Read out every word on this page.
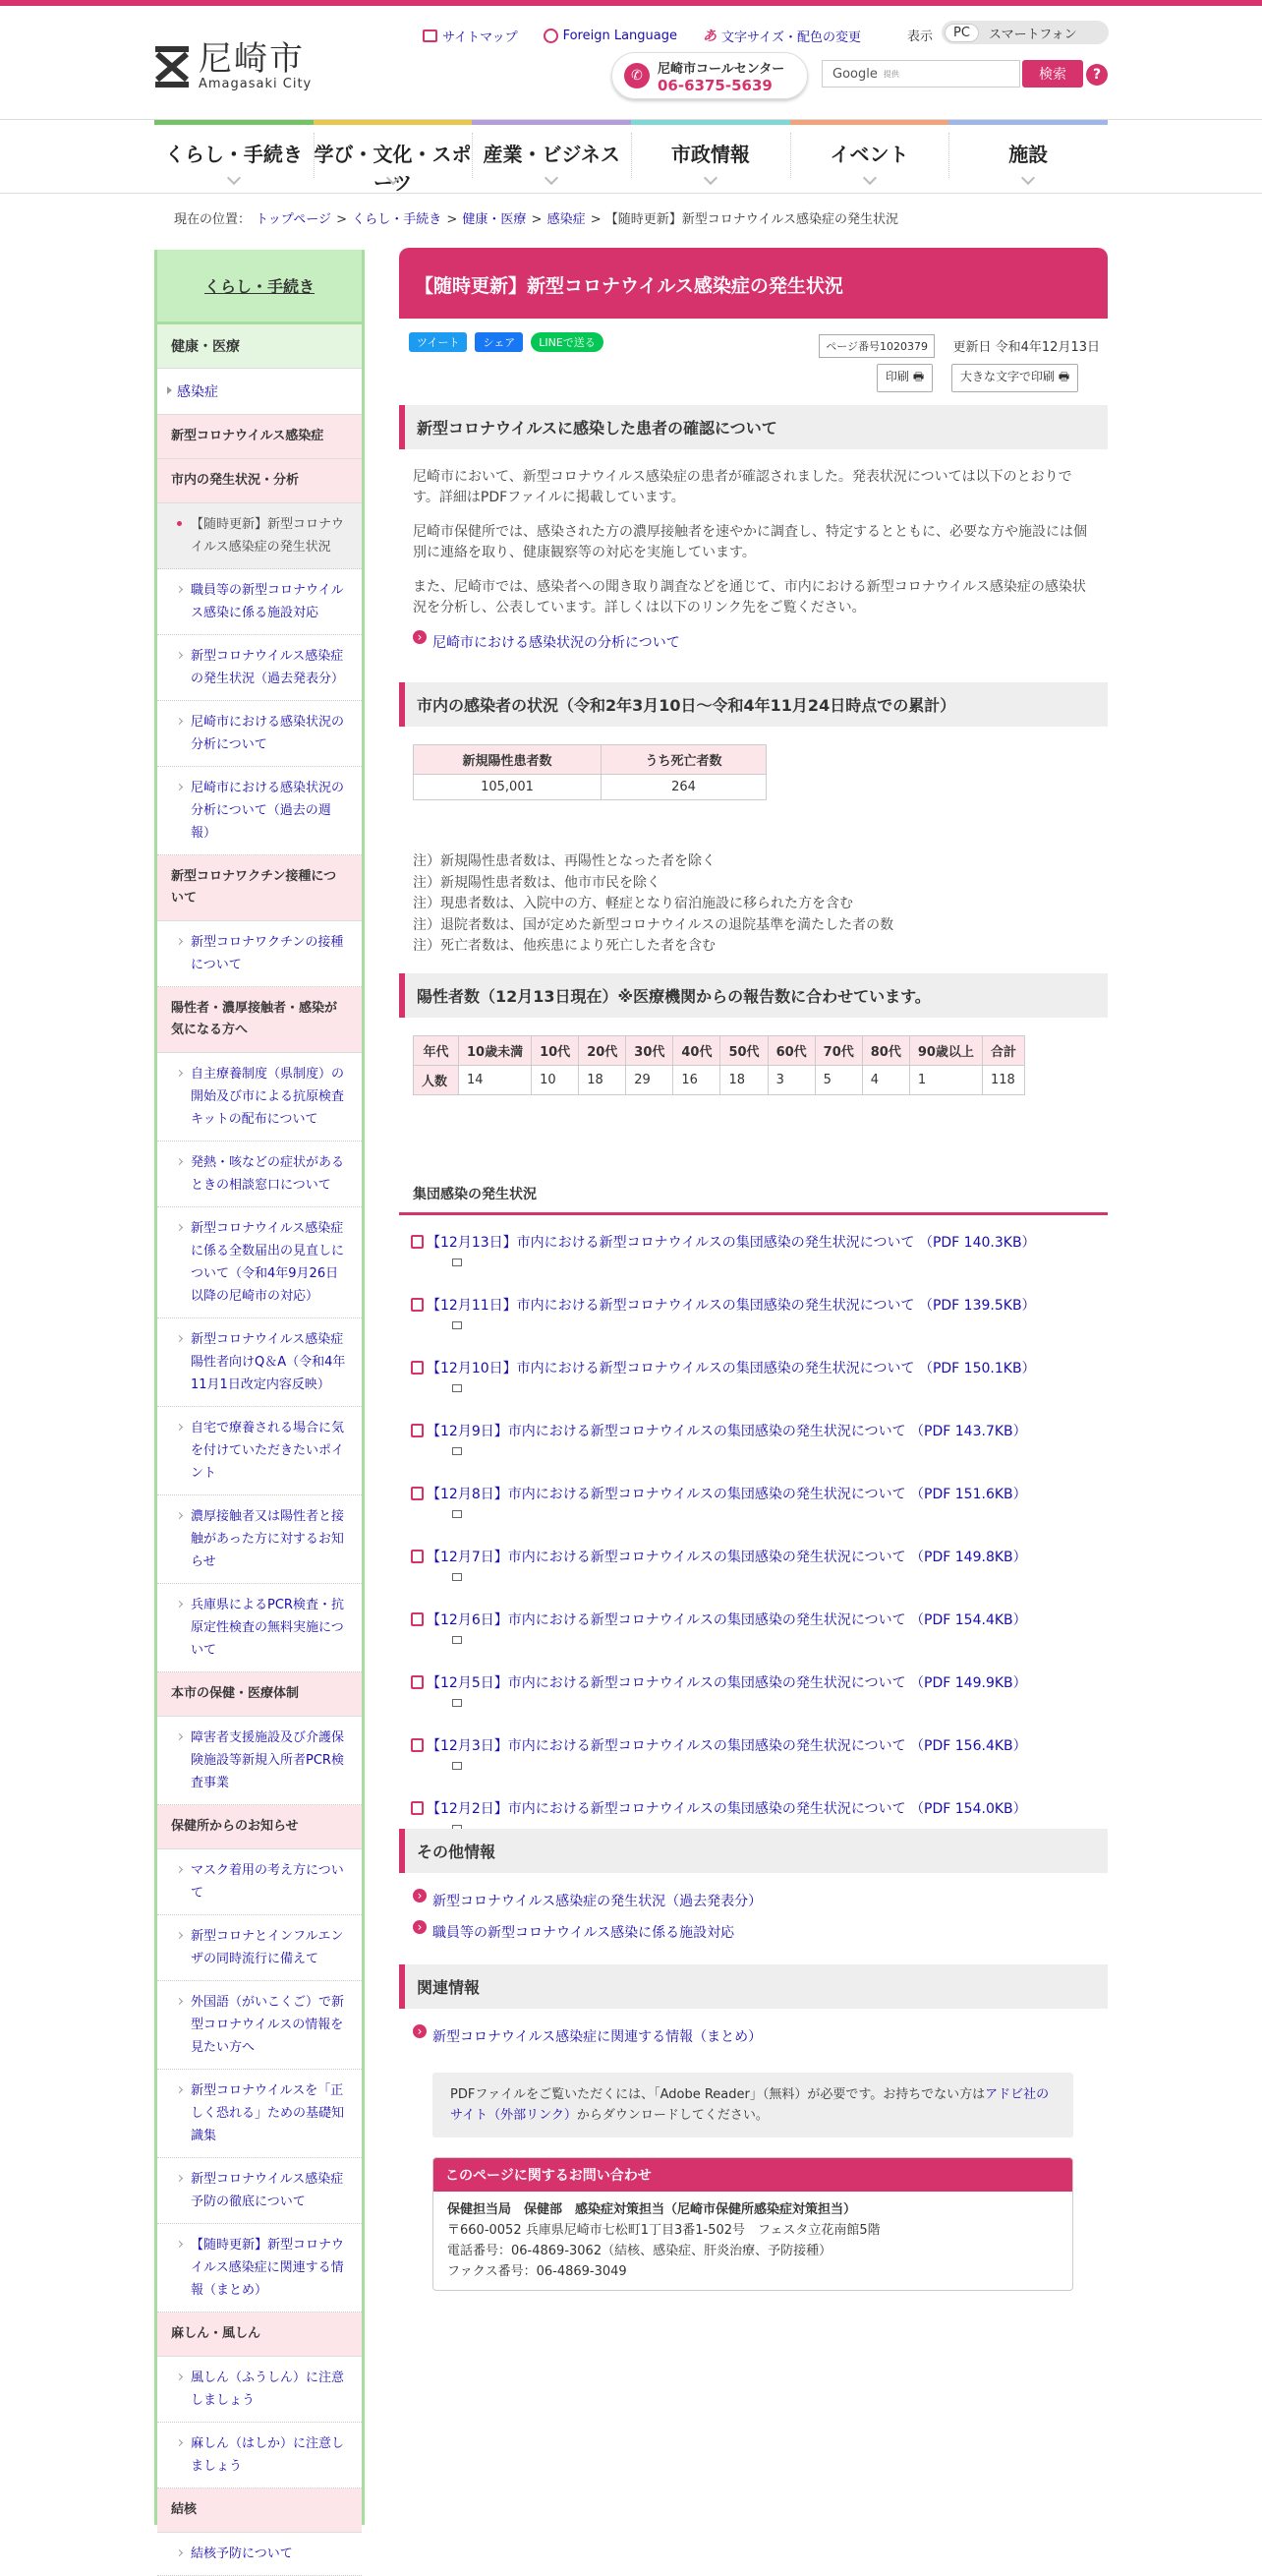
尼崎市
Amagasaki City
サイトマップ	Foreign Language あ 文字サイズ・配色の変更	表示	PC	スマートフォン
✆	尼崎市コールセンター
06-6375-5639
Google 提供	検索	?
くらし・手続き 学び・文化・スポーツ
産業・ビジネス	市政情報	イベント	施設
現在の位置： トップページ > くらし・手続き > 健康・医療 > 感染症 > 【随時更新】新型コロナウイルス感染症の発生状況
くらし・手続き
健康・医療
感染症
新型コロナウイルス感染症
市内の発生状況・分析
【随時更新】新型コロナウイルス感染症の発生状況
職員等の新型コロナウイルス感染に係る施設対応
新型コロナウイルス感染症の発生状況（過去発表分）
尼崎市における感染状況の分析について
尼崎市における感染状況の分析について（過去の週報）
新型コロナワクチン接種について
新型コロナワクチンの接種について
陽性者・濃厚接触者・感染が気になる方へ
自主療養制度（県制度）の開始及び市による抗原検査キットの配布について
発熱・咳などの症状があるときの相談窓口について
新型コロナウイルス感染症に係る全数届出の見直しについて（令和4年9月26日以降の尼崎市の対応）
新型コロナウイルス感染症陽性者向けQ＆A（令和4年11月1日改定内容反映）
自宅で療養される場合に気を付けていただきたいポイント
濃厚接触者又は陽性者と接触があった方に対するお知らせ
兵庫県によるPCR検査・抗原定性検査の無料実施について
本市の保健・医療体制
障害者支援施設及び介護保険施設等新規入所者PCR検査事業
保健所からのお知らせ
マスク着用の考え方について
新型コロナとインフルエンザの同時流行に備えて
外国語（がいこくご）で新型コロナウイルスの情報を見たい方へ
新型コロナウイルスを「正しく恐れる」ための基礎知識集
新型コロナウイルス感染症予防の徹底について
【随時更新】新型コロナウイルス感染症に関連する情報（まとめ）
麻しん・風しん
風しん（ふうしん）に注意しましょう
麻しん（はしか）に注意しましょう
結核
結核予防について
【随時更新】新型コロナウイルス感染症の発生状況
ツイート	シェア	LINEで送る	ページ番号1020379	更新日 令和4年12月13日
印刷 🖶	大きな文字で印刷 🖶
新型コロナウイルスに感染した患者の確認について

尼崎市において、新型コロナウイルス感染症の患者が確認されました。発表状況については以下のとおりです。詳細はPDFファイルに掲載しています。

尼崎市保健所では、感染された方の濃厚接触者を速やかに調査し、特定するとともに、必要な方や施設には個別に連絡を取り、健康観察等の対応を実施しています。

また、尼崎市では、感染者への聞き取り調査などを通じて、市内における新型コロナウイルス感染症の感染状況を分析し、公表しています。詳しくは以下のリンク先をご覧ください。

› 尼崎市における感染状況の分析について
市内の感染者の状況（令和2年3月10日～令和4年11月24日時点での累計）
新規陽性患者数	うち死亡者数
105,001	264
注）新規陽性患者数は、再陽性となった者を除く
注）新規陽性患者数は、他市市民を除く
注）現患者数は、入院中の方、軽症となり宿泊施設に移られた方を含む
注）退院者数は、国が定めた新型コロナウイルスの退院基準を満たした者の数
注）死亡者数は、他疾患により死亡した者を含む
陽性者数（12月13日現在）※医療機関からの報告数に合わせています。
年代	10歳未満	10代	20代	30代	40代	50代	60代	70代	80代	90歳以上	合計
人数	14	10	18	29	16	18	3	5	4	1	118
集団感染の発生状況
【12月13日】市内における新型コロナウイルスの集団感染の発生状況について （PDF 140.3KB）
【12月11日】市内における新型コロナウイルスの集団感染の発生状況について （PDF 139.5KB）
【12月10日】市内における新型コロナウイルスの集団感染の発生状況について （PDF 150.1KB）
【12月9日】市内における新型コロナウイルスの集団感染の発生状況について （PDF 143.7KB）
【12月8日】市内における新型コロナウイルスの集団感染の発生状況について （PDF 151.6KB）
【12月7日】市内における新型コロナウイルスの集団感染の発生状況について （PDF 149.8KB）
【12月6日】市内における新型コロナウイルスの集団感染の発生状況について （PDF 154.4KB）
【12月5日】市内における新型コロナウイルスの集団感染の発生状況について （PDF 149.9KB）
【12月3日】市内における新型コロナウイルスの集団感染の発生状況について （PDF 156.4KB）
【12月2日】市内における新型コロナウイルスの集団感染の発生状況について （PDF 154.0KB）
その他情報
› 新型コロナウイルス感染症の発生状況（過去発表分）
› 職員等の新型コロナウイルス感染に係る施設対応
関連情報
› 新型コロナウイルス感染症に関連する情報（まとめ）
PDFファイルをご覧いただくには、「Adobe Reader」（無料）が必要です。お持ちでない方はアドビ社のサイト（外部リンク）からダウンロードしてください。
このページに関するお問い合わせ
保健担当局　保健部　感染症対策担当（尼崎市保健所感染症対策担当）
〒660-0052 兵庫県尼崎市七松町1丁目3番1-502号　フェスタ立花南館5階
電話番号：06-4869-3062（結核、感染症、肝炎治療、予防接種）
ファクス番号：06-4869-3049
